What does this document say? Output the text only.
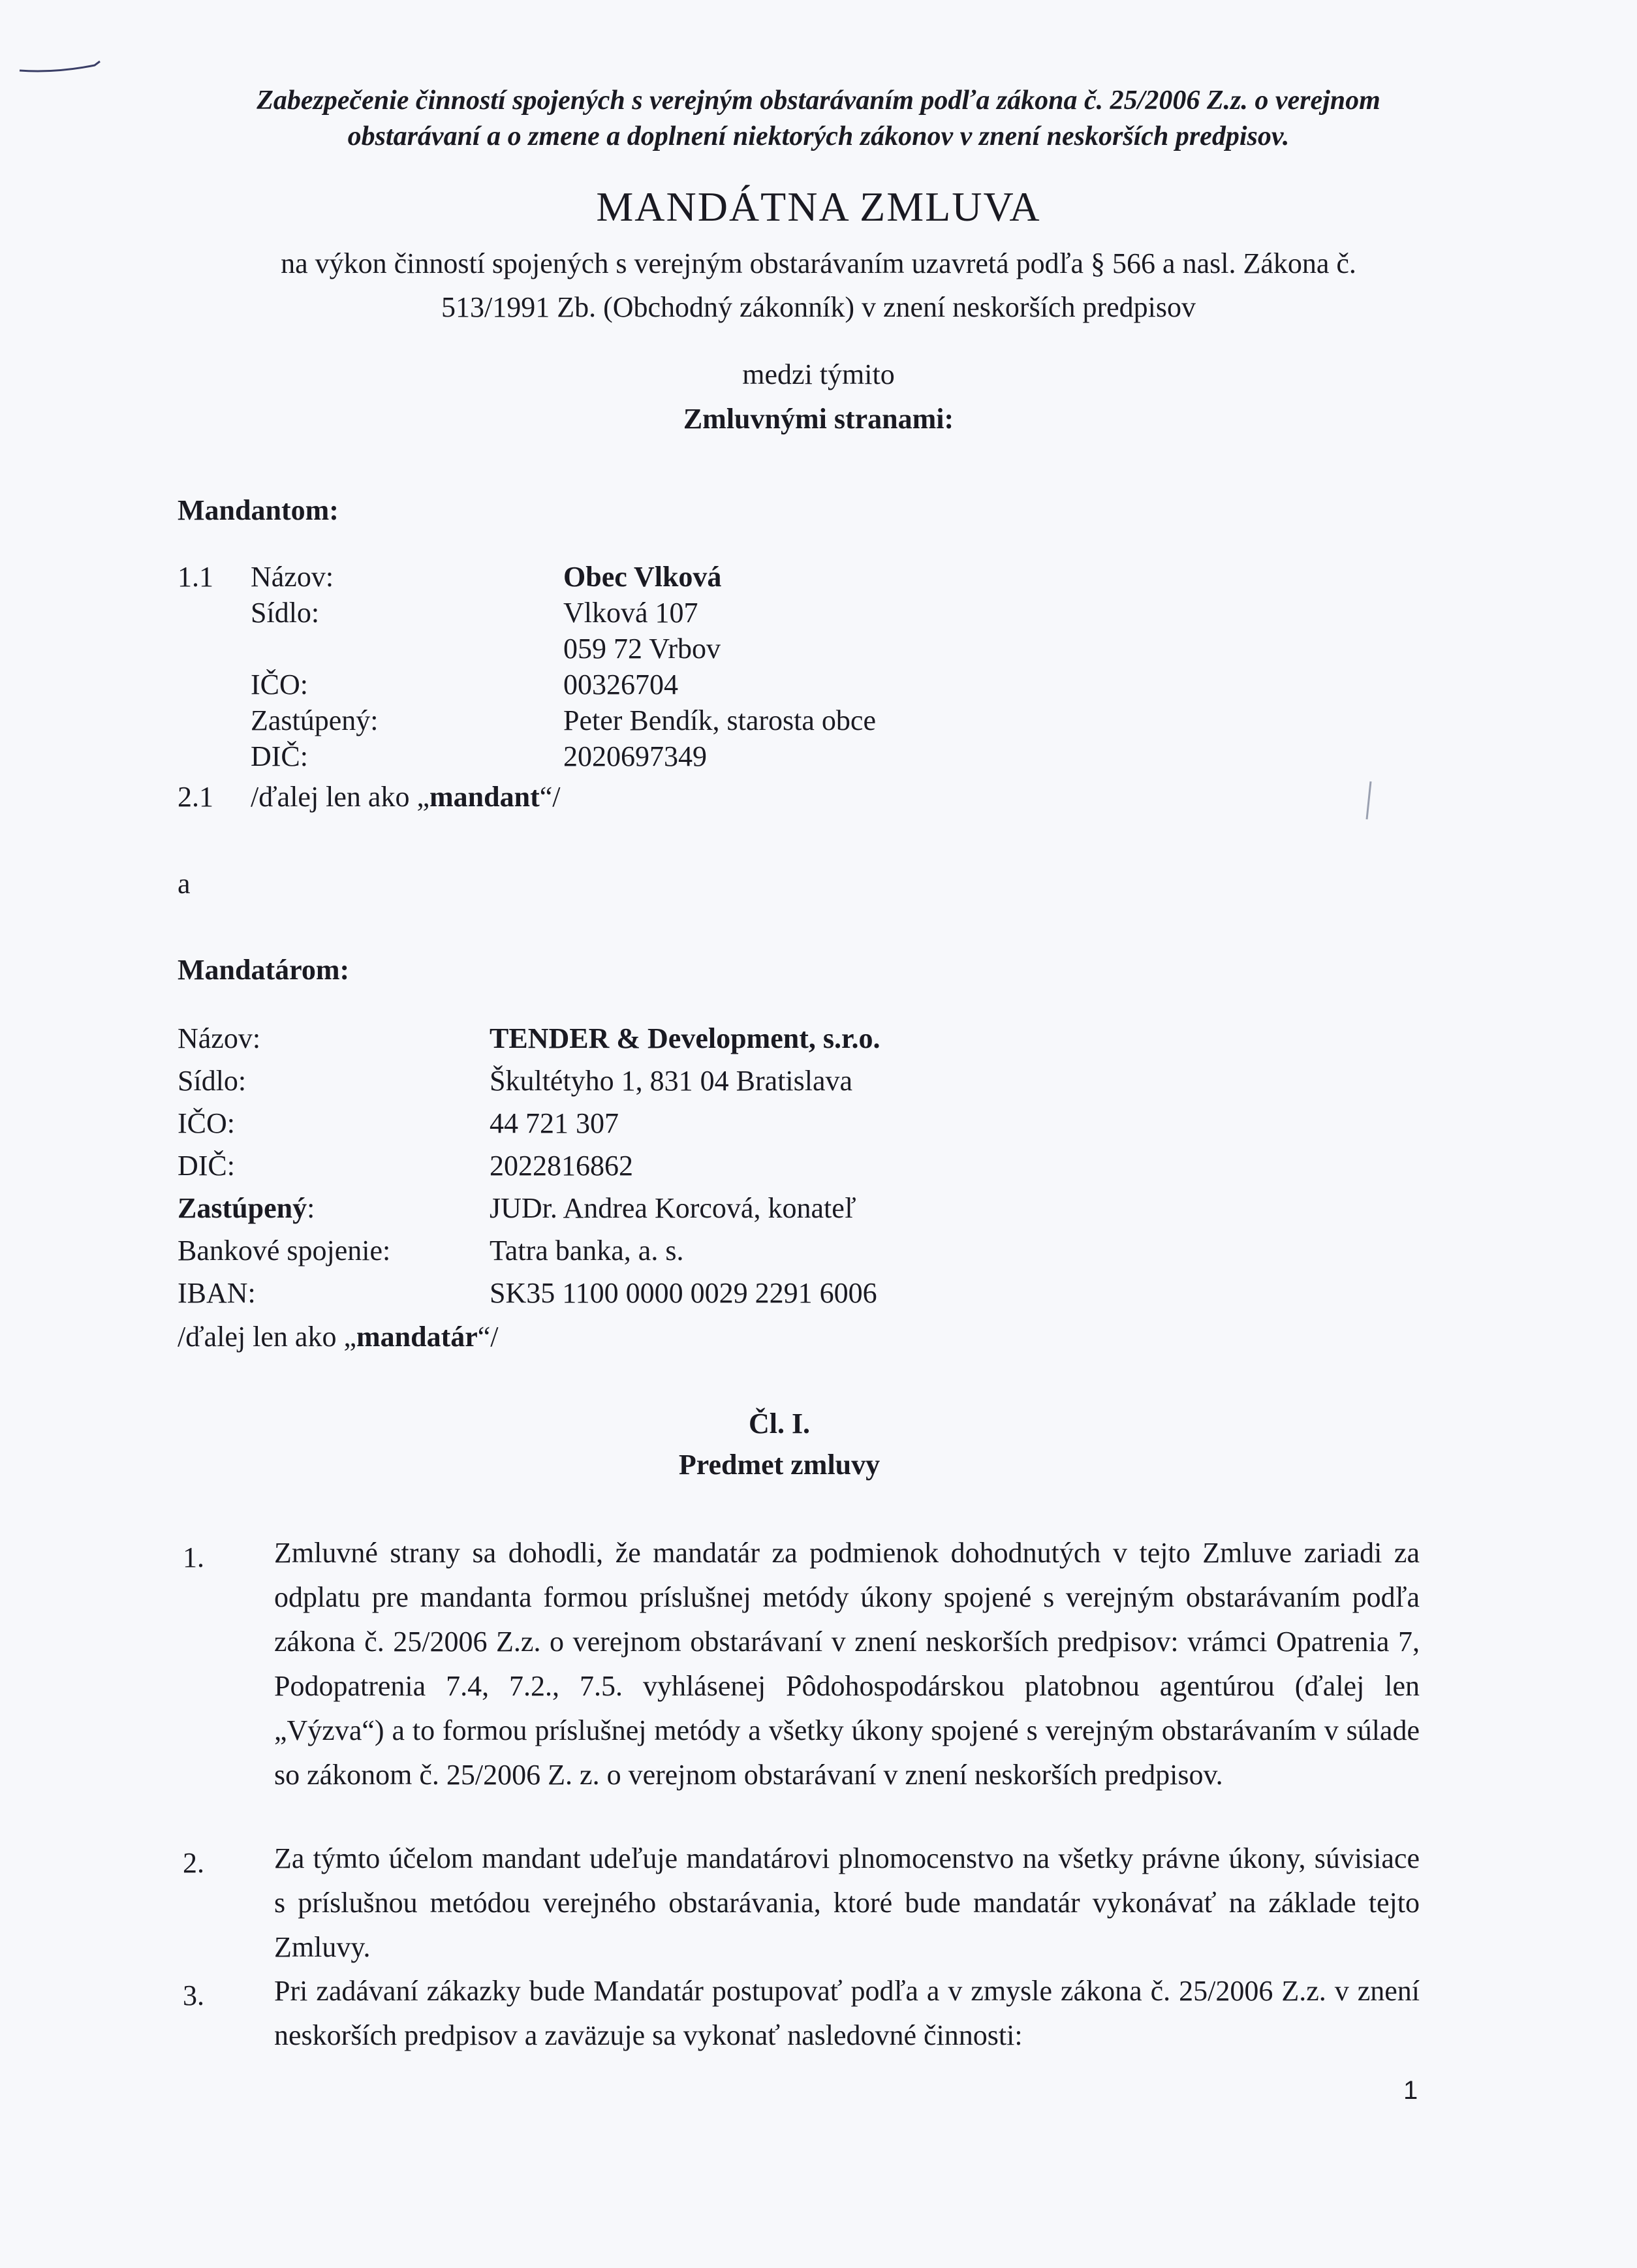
Zabezpečenie činností spojených s verejným obstarávaním podľa zákona č. 25/2006 Z.z. o verejnom
obstarávaní a o zmene a doplnení niektorých zákonov v znení neskorších predpisov.
MANDÁTNA ZMLUVA
na výkon činností spojených s verejným obstarávaním uzavretá podľa § 566 a nasl. Zákona č.
513/1991 Zb. (Obchodný zákonník) v znení neskorších predpisov
medzi týmito
Zmluvnými stranami:
Mandantom:
1.1 Názov:	Obec Vlková
Sídlo:	Vlková 107
059 72 Vrbov
IČO:	00326704
Zastúpený:	Peter Bendík, starosta obce
DIČ:	2020697349
2.1 /ďalej len ako „mandant“/
a
Mandatárom:
Názov:	TENDER & Development, s.r.o.
Sídlo:	Škultétyho 1, 831 04 Bratislava
IČO:	44 721 307
DIČ:	2022816862
Zastúpený:	JUDr. Andrea Korcová, konateľ
Bankové spojenie:	Tatra banka, a. s.
IBAN:	SK35 1100 0000 0029 2291 6006
/ďalej len ako „mandatár“/
Čl. I.
Predmet zmluvy
1. Zmluvné strany sa dohodli, že mandatár za podmienok dohodnutých v tejto Zmluve zariadi za odplatu pre mandanta formou príslušnej metódy úkony spojené s verejným obstarávaním podľa zákona č. 25/2006 Z.z. o verejnom obstarávaní v znení neskorších predpisov: vrámci Opatrenia 7, Podopatrenia 7.4, 7.2., 7.5. vyhlásenej Pôdohospodárskou platobnou agentúrou (ďalej len „Výzva“) a to formou príslušnej metódy a všetky úkony spojené s verejným obstarávaním v súlade so zákonom č. 25/2006 Z. z. o verejnom obstarávaní v znení neskorších predpisov.
2. Za týmto účelom mandant udeľuje mandatárovi plnomocenstvo na všetky právne úkony, súvisiace s príslušnou metódou verejného obstarávania, ktoré bude mandatár vykonávať na základe tejto Zmluvy.
3. Pri zadávaní zákazky bude Mandatár postupovať podľa a v zmysle zákona č. 25/2006 Z.z. v znení neskorších predpisov a zaväzuje sa vykonať nasledovné činnosti:
1
